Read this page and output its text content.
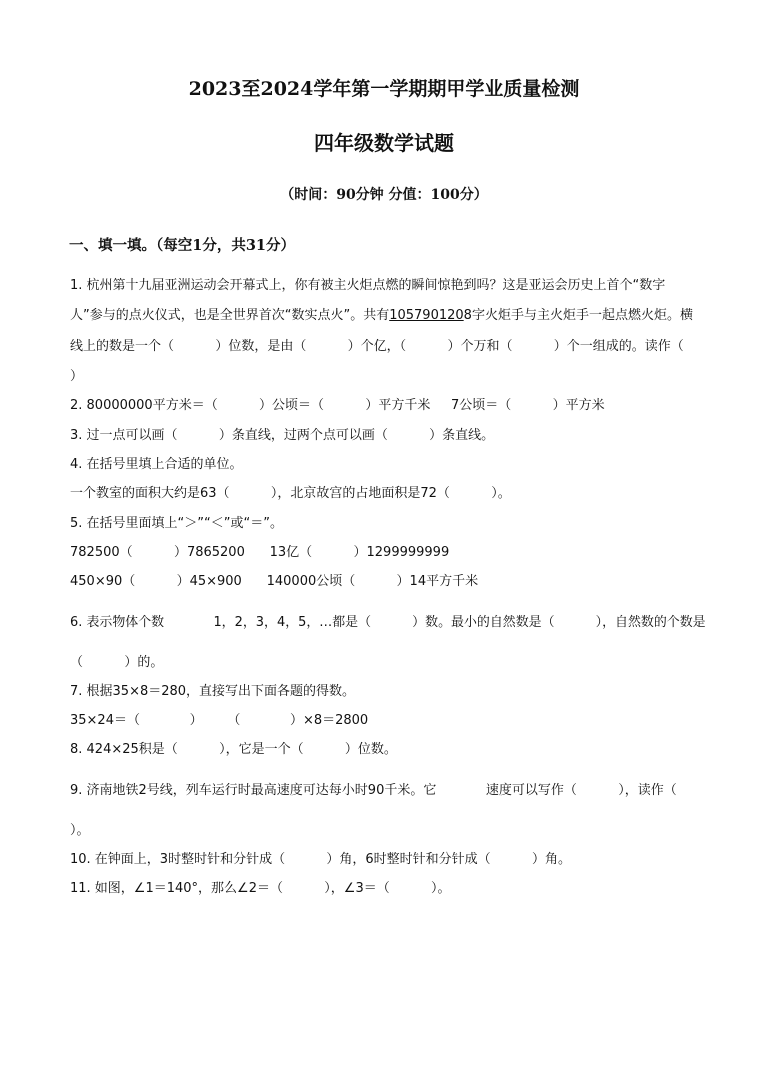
2023至2024学年第一学期期甲学业质量检测
四年级数学试题
（时间：90分钟 分值：100分）
一、填一填。（每空1分，共31分）
1. 杭州第十九届亚洲运动会开幕式上，你有被主火炬点燃的瞬间惊艳到吗？这是亚运会历史上首个“数字
人”参与的点火仪式，也是全世界首次“数实点火”。共有1057901208字火炬手与主火炬手一起点燃火炬。横
线上的数是一个（          ）位数，是由（          ）个亿，（          ）个万和（          ）个一组成的。读作（
）
2. 80000000平方米＝（          ）公顷＝（          ）平方千米     7公顷＝（          ）平方米
3. 过一点可以画（          ）条直线，过两个点可以画（          ）条直线。
4. 在括号里填上合适的单位。
一个教室的面积大约是63（          ），北京故宫的占地面积是72（          ）。
5. 在括号里面填上“＞”“＜”或“＝”。
782500（          ）7865200      13亿（          ）1299999999
450×90（          ）45×900      140000公顷（          ）14平方千米
6. 表示物体个数            1，2，3，4，5，…都是（          ）数。最小的自然数是（          ），自然数的个数是
（          ）的。
7. 根据35×8＝280，直接写出下面各题的得数。
35×24＝（            ）      （            ）×8＝2800
8. 424×25积是（          ），它是一个（          ）位数。
9. 济南地铁2号线，列车运行时最高速度可达每小时90千米。它            速度可以写作（          ），读作（
）。
10. 在钟面上，3时整时针和分针成（          ）角，6时整时针和分针成（          ）角。
11. 如图，∠1＝140°，那么∠2＝（          ），∠3＝（          ）。
